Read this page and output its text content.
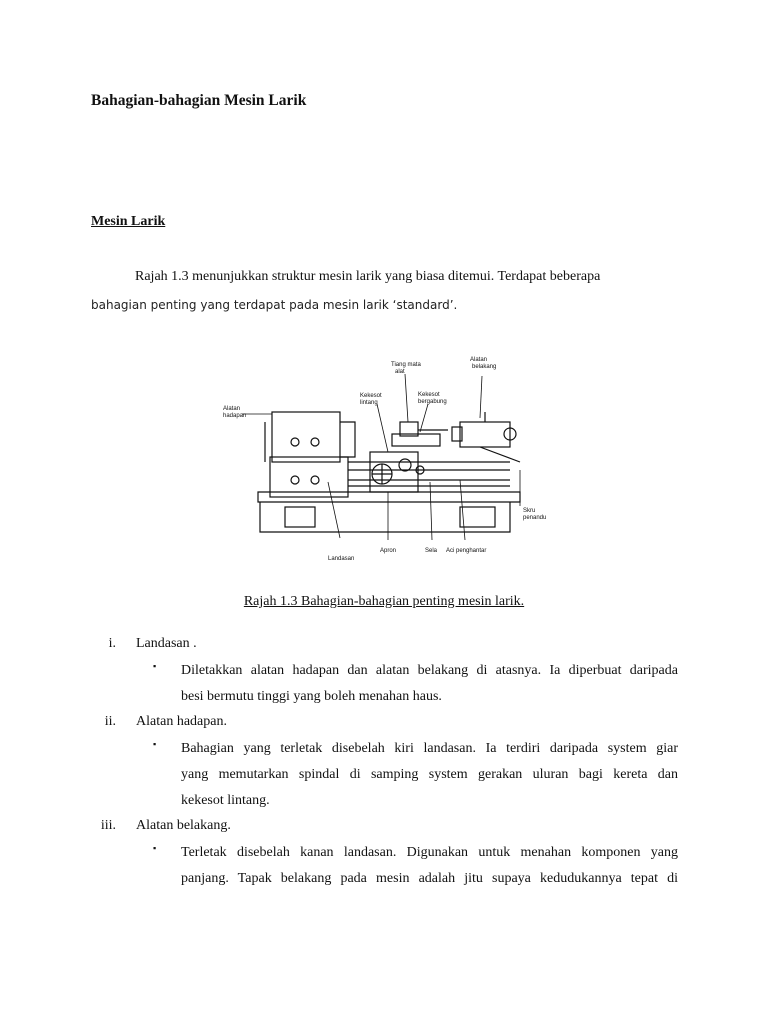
Bahagian-bahagian Mesin Larik
Mesin Larik

Rajah 1.3 menunjukkan struktur mesin larik yang biasa ditemui. Terdapat beberapa
bahagian penting yang terdapat pada mesin larik ‘standard’.

Tiang mata
alat
Alatan
belakang
Alatan
hadapan
Kekesot
lintang
Kekesot
bergabung
Skru
penandu
Landasan
Apron	Sela Aci penghantar

Rajah 1.3 Bahagian-bahagian penting mesin larik.

i. Landasan .
▪ Diletakkan alatan hadapan dan alatan belakang di atasnya. Ia diperbuat daripada
besi bermutu tinggi yang boleh menahan haus.
ii. Alatan hadapan.
▪ Bahagian yang terletak disebelah kiri landasan. Ia terdiri daripada system giar
yang memutarkan spindal di samping system gerakan uluran bagi kereta dan
kekesot lintang.
iii. Alatan belakang.
▪ Terletak disebelah kanan landasan. Digunakan untuk menahan komponen yang
panjang. Tapak belakang pada mesin adalah jitu supaya kedudukannya tepat di
